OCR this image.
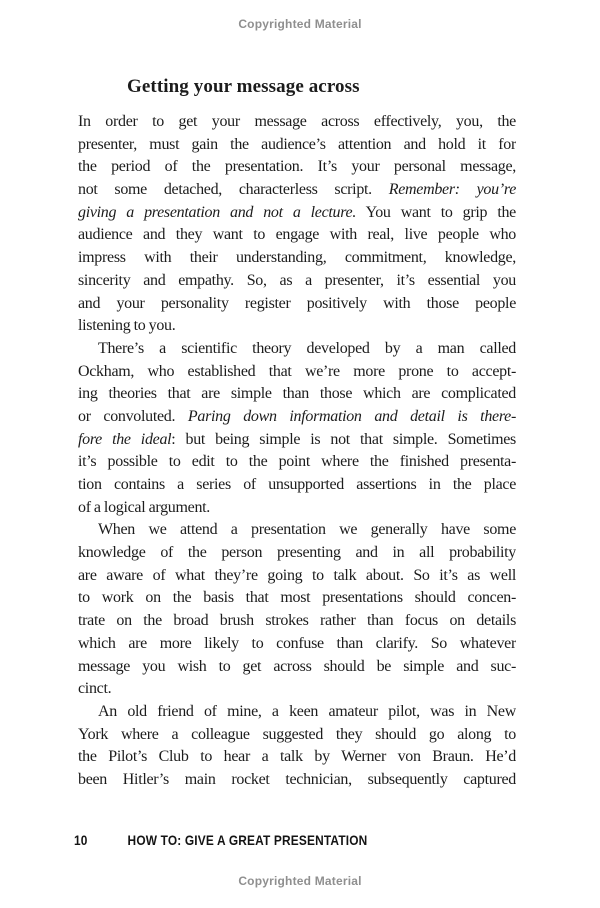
Copyrighted Material
Getting your message across
In order to get your message across effectively, you, the
presenter, must gain the audience’s attention and hold it for
the period of the presentation. It’s your personal message,
not some detached, characterless script. Remember: you’re
giving a presentation and not a lecture. You want to grip the
audience and they want to engage with real, live people who
impress with their understanding, commitment, knowledge,
sincerity and empathy. So, as a presenter, it’s essential you
and your personality register positively with those people
listening to you.
There’s a scientific theory developed by a man called
Ockham, who established that we’re more prone to accept-
ing theories that are simple than those which are complicated
or convoluted. Paring down information and detail is there-
fore the ideal: but being simple is not that simple. Sometimes
it’s possible to edit to the point where the finished presenta-
tion contains a series of unsupported assertions in the place
of a logical argument.
When we attend a presentation we generally have some
knowledge of the person presenting and in all probability
are aware of what they’re going to talk about. So it’s as well
to work on the basis that most presentations should concen-
trate on the broad brush strokes rather than focus on details
which are more likely to confuse than clarify. So whatever
message you wish to get across should be simple and suc-
cinct.
An old friend of mine, a keen amateur pilot, was in New
York where a colleague suggested they should go along to
the Pilot’s Club to hear a talk by Werner von Braun. He’d
been Hitler’s main rocket technician, subsequently captured
10	HOW TO: GIVE A GREAT PRESENTATION
Copyrighted Material
